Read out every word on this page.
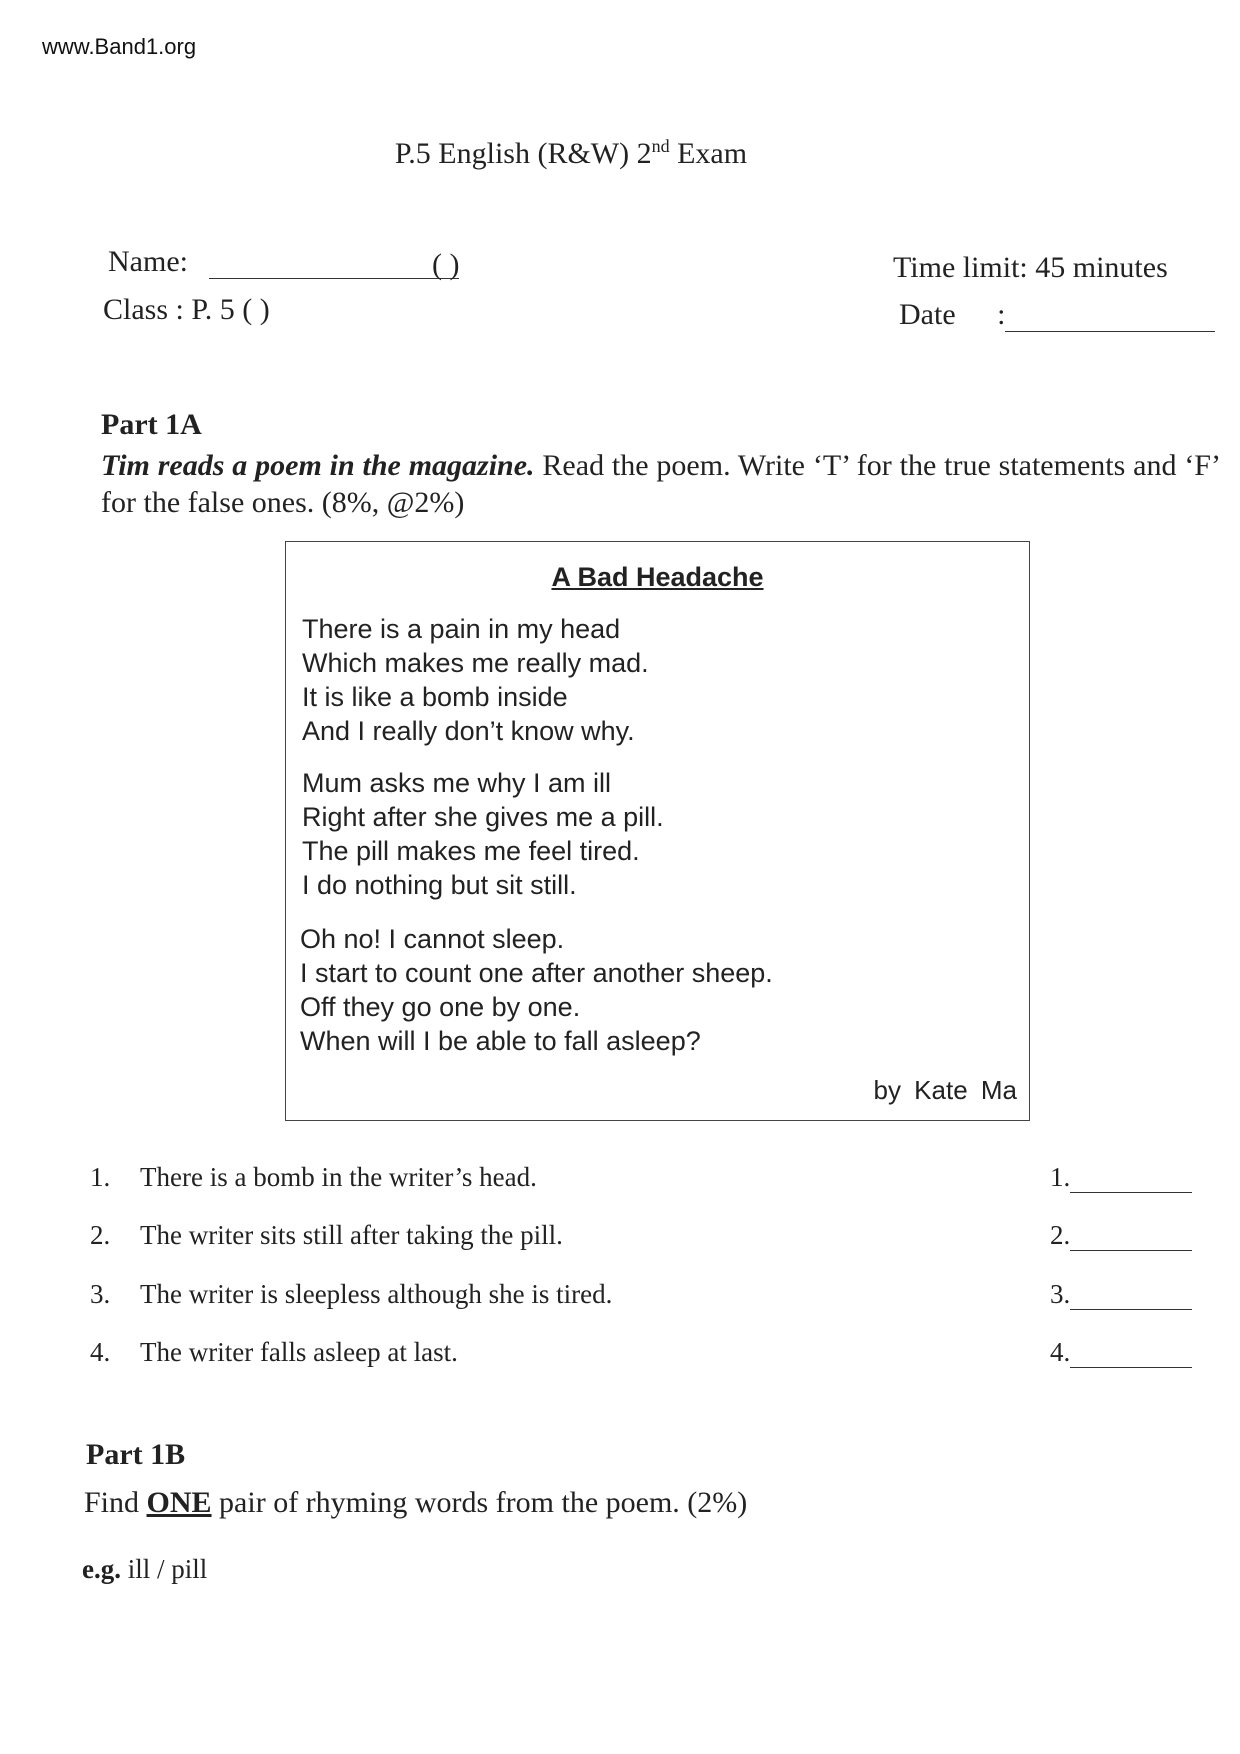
www.Band1.org
P.5 English (R&W) 2nd Exam
Name:	( )
Class : P. 5 ( )
Time limit: 45 minutes
Date :
Part 1A
Tim reads a poem in the magazine. Read the poem. Write ‘T’ for the true statements and ‘F’ for the false ones. (8%, @2%)
A Bad Headache
There is a pain in my head
Which makes me really mad.
It is like a bomb inside
And I really don’t know why.
Mum asks me why I am ill
Right after she gives me a pill.
The pill makes me feel tired.
I do nothing but sit still.
Oh no! I cannot sleep.
I start to count one after another sheep.
Off they go one by one.
When will I be able to fall asleep?
by Kate Ma
1. There is a bomb in the writer’s head.
2. The writer sits still after taking the pill.
3. The writer is sleepless although she is tired.
4. The writer falls asleep at last.
1.
2.
3.
4.
Part 1B
Find ONE pair of rhyming words from the poem. (2%)
e.g. ill / pill
